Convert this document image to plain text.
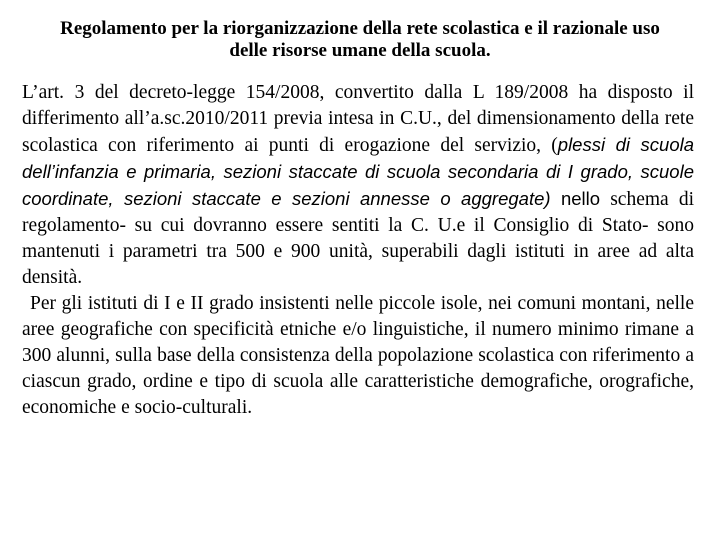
Regolamento per la riorganizzazione della rete scolastica e il razionale uso delle risorse umane della scuola.
L’art. 3 del decreto-legge 154/2008, convertito dalla L 189/2008 ha disposto il differimento all’a.sc.2010/2011 previa intesa in C.U., del dimensionamento della rete scolastica con riferimento ai punti di erogazione del servizio, (plessi di scuola dell’infanzia e primaria, sezioni staccate di scuola secondaria di I grado, scuole coordinate, sezioni staccate e sezioni annesse o aggregate) nello schema di regolamento- su cui dovranno essere sentiti la C. U.e il Consiglio di Stato- sono mantenuti i parametri tra 500 e 900 unità, superabili dagli istituti in aree ad alta densità.
Per gli istituti di I e II grado insistenti nelle piccole isole, nei comuni montani, nelle aree geografiche con specificità etniche e/o linguistiche, il numero minimo rimane a 300 alunni, sulla base della consistenza della popolazione scolastica con riferimento a ciascun grado, ordine e tipo di scuola alle caratteristiche demografiche, orografiche, economiche e socio-culturali.
